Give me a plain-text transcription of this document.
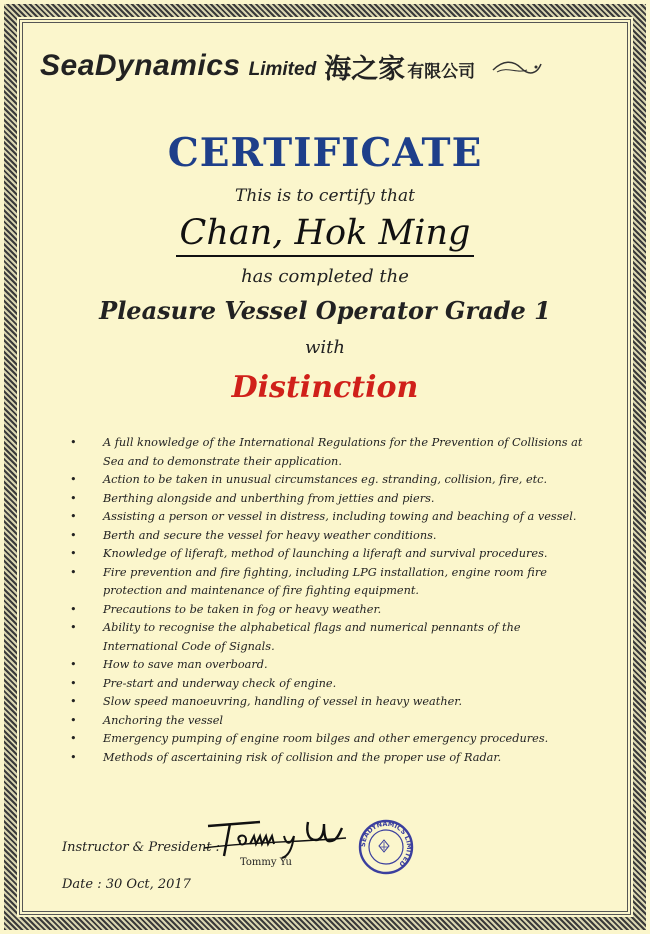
SeaDynamics Limited 海之家 有限公司
CERTIFICATE
This is to certify that
Chan, Hok Ming
has completed the
Pleasure Vessel Operator Grade 1
with
Distinction
• A full knowledge of the International Regulations for the Prevention of Collisions at Sea and to demonstrate their application.
• Action to be taken in unusual circumstances eg. stranding, collision, fire, etc.
• Berthing alongside and unberthing from jetties and piers.
• Assisting a person or vessel in distress, including towing and beaching of a vessel.
• Berth and secure the vessel for heavy weather conditions.
• Knowledge of liferaft, method of launching a liferaft and survival procedures.
• Fire prevention and fire fighting, including LPG installation, engine room fire protection and maintenance of fire fighting equipment.
• Precautions to be taken in fog or heavy weather.
• Ability to recognise the alphabetical flags and numerical pennants of the International Code of Signals.
• How to save man overboard.
• Pre-start and underway check of engine.
• Slow speed manoeuvring, handling of vessel in heavy weather.
• Anchoring the vessel
• Emergency pumping of engine room bilges and other emergency procedures.
• Methods of ascertaining risk of collision and the proper use of Radar.
Instructor & President :
Tommy Yu
SEADYNAMICS LIMITED
Date : 30 Oct, 2017
